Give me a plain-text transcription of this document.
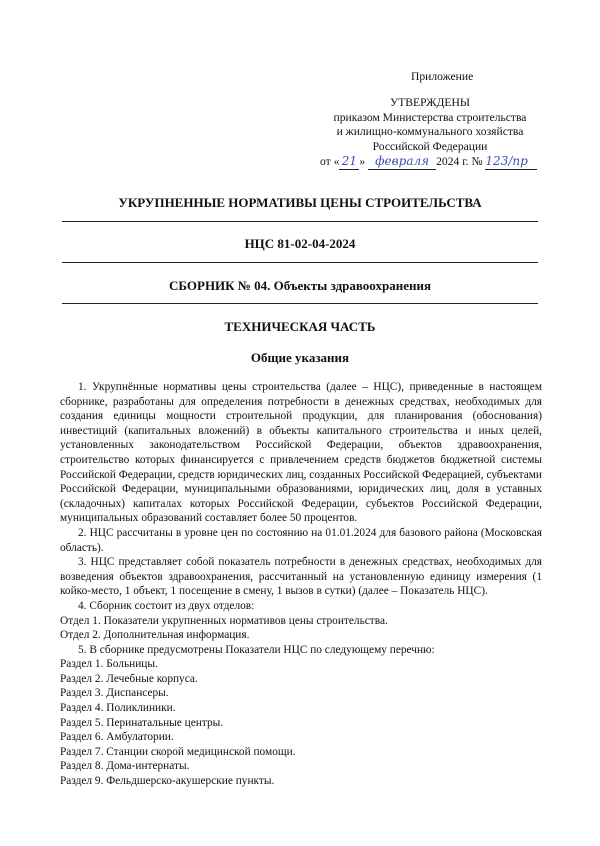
Приложение
УТВЕРЖДЕНЫ
приказом Министерства строительства
и жилищно-коммунального хозяйства
Российской Федерации
от « 21 » февраля 2024 г. № 123/пр
УКРУПНЕННЫЕ НОРМАТИВЫ ЦЕНЫ СТРОИТЕЛЬСТВА
НЦС 81-02-04-2024
СБОРНИК № 04. Объекты здравоохранения
ТЕХНИЧЕСКАЯ ЧАСТЬ
Общие указания

1. Укрупнённые нормативы цены строительства (далее – НЦС), приведенные в настоящем сборнике, разработаны для определения потребности в денежных средствах, необходимых для создания единицы мощности строительной продукции, для планирования (обоснования) инвестиций (капитальных вложений) в объекты капитального строительства и иных целей, установленных законодательством Российской Федерации, объектов здравоохранения, строительство которых финансируется с привлечением средств бюджетов бюджетной системы Российской Федерации, средств юридических лиц, созданных Российской Федерацией, субъектами Российской Федерации, муниципальными образованиями, юридических лиц, доля в уставных (складочных) капиталах которых Российской Федерации, субъектов Российской Федерации, муниципальных образований составляет более 50 процентов.

2. НЦС рассчитаны в уровне цен по состоянию на 01.01.2024 для базового района (Московская область).

3. НЦС представляет собой показатель потребности в денежных средствах, необходимых для возведения объектов здравоохранения, рассчитанный на установленную единицу измерения (1 койко-место, 1 объект, 1 посещение в смену, 1 вызов в сутки) (далее – Показатель НЦС).

4. Сборник состоит из двух отделов:

Отдел 1. Показатели укрупненных нормативов цены строительства.

Отдел 2. Дополнительная информация.

5. В сборнике предусмотрены Показатели НЦС по следующему перечню:

Раздел 1. Больницы.

Раздел 2. Лечебные корпуса.

Раздел 3. Диспансеры.

Раздел 4. Поликлиники.

Раздел 5. Перинатальные центры.

Раздел 6. Амбулатории.

Раздел 7. Станции скорой медицинской помощи.

Раздел 8. Дома-интернаты.

Раздел 9. Фельдшерско-акушерские пункты.
